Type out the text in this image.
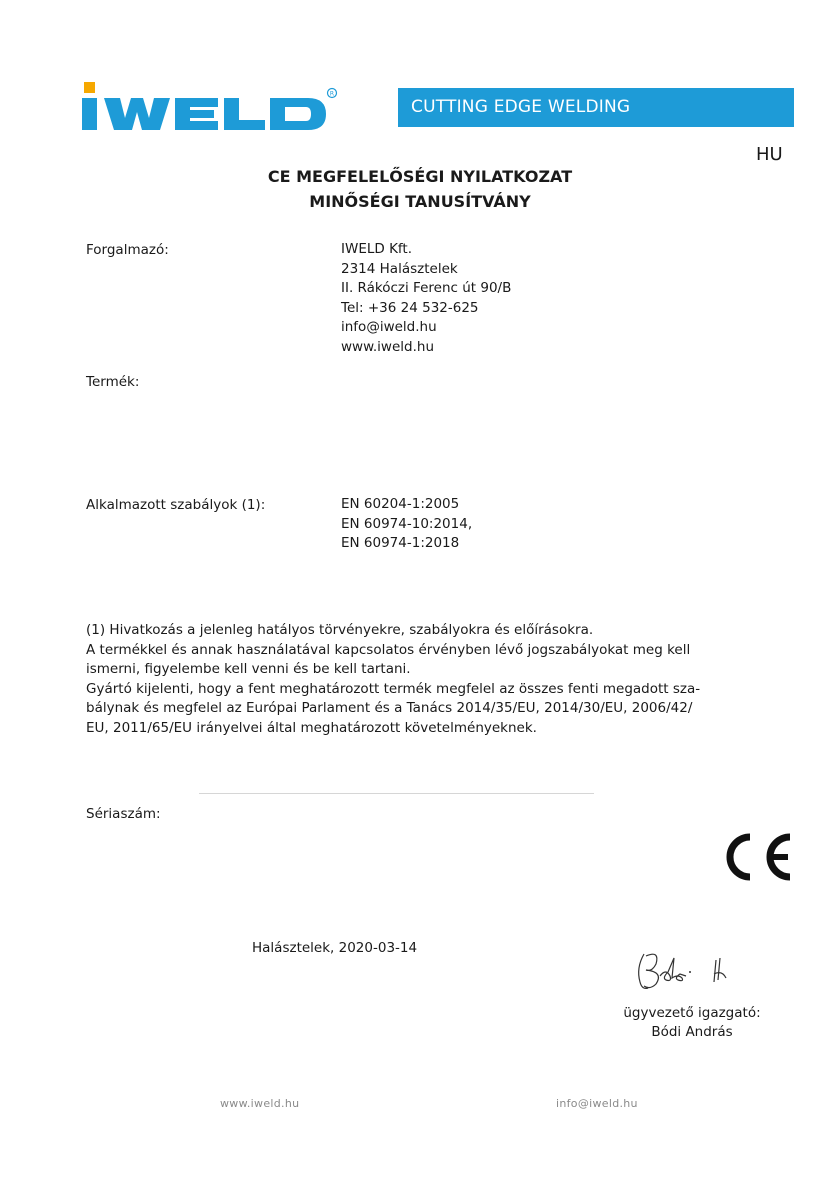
R
CUTTING EDGE WELDING
HU
CE MEGFELELŐSÉGI NYILATKOZAT
MINŐSÉGI TANUSÍTVÁNY
Forgalmazó:	IWELD Kft.
2314 Halásztelek
II. Rákóczi Ferenc út 90/B
Tel: +36 24 532-625
info@iweld.hu
www.iweld.hu
Termék:
Alkalmazott szabályok (1):	EN 60204-1:2005
EN 60974-10:2014,
EN 60974-1:2018
(1) Hivatkozás a jelenleg hatályos törvényekre, szabályokra és előírásokra.
A termékkel és annak használatával kapcsolatos érvényben lévő jogszabályokat meg kell
ismerni, figyelembe kell venni és be kell tartani.
Gyártó kijelenti, hogy a fent meghatározott termék megfelel az összes fenti megadott sza-
bálynak és megfelel az Európai Parlament és a Tanács 2014/35/EU, 2014/30/EU, 2006/42/
EU, 2011/65/EU irányelvei által meghatározott követelményeknek.
Sériaszám:
Halásztelek, 2020-03-14
ügyvezető igazgató:
Bódi András
www.iweld.hu	info@iweld.hu
